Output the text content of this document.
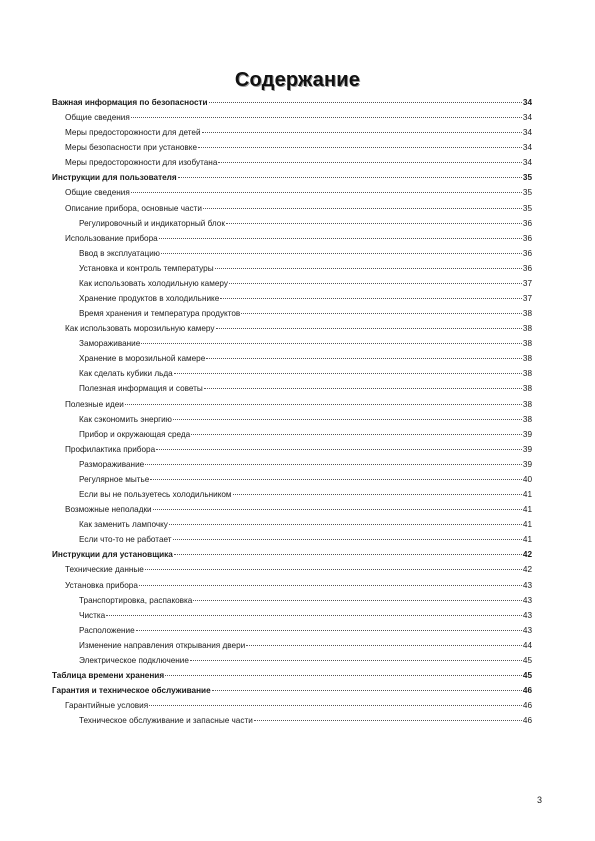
Содержание
Важная информация по безопасности	34
Общие сведения	34
Меры предосторожности для детей	34
Меры безопасности при установке	34
Меры предосторожности для изобутана	34
Инструкции для пользователя	35
Общие сведения	35
Описание прибора, основные части	35
Регулировочный и индикаторный блок	36
Использование прибора	36
Ввод в эксплуатацию	36
Установка и контроль температуры	36
Как использовать холодильную камеру	37
Хранение продуктов в холодильнике	37
Время хранения и температура продуктов	38
Как использовать морозильную камеру	38
Замораживание	38
Хранение в морозильной камере	38
Как сделать кубики льда	38
Полезная информация и советы	38
Полезные идеи	38
Как сэкономить энергию	38
Прибор и окружающая среда	39
Профилактика прибора	39
Размораживание	39
Регулярное мытье	40
Если вы не пользуетесь холодильником	41
Возможные неполадки	41
Как заменить лампочку	41
Если что-то не работает	41
Инструкции для установщика	42
Технические данные	42
Установка прибора	43
Транспортировка, распаковка	43
Чистка	43
Расположение	43
Изменение направления открывания двери	44
Электрическое подключение	45
Таблица времени хранения	45
Гарантия и техническое обслуживание	46
Гарантийные условия	46
Техническое обслуживание и запасные части	46
3
